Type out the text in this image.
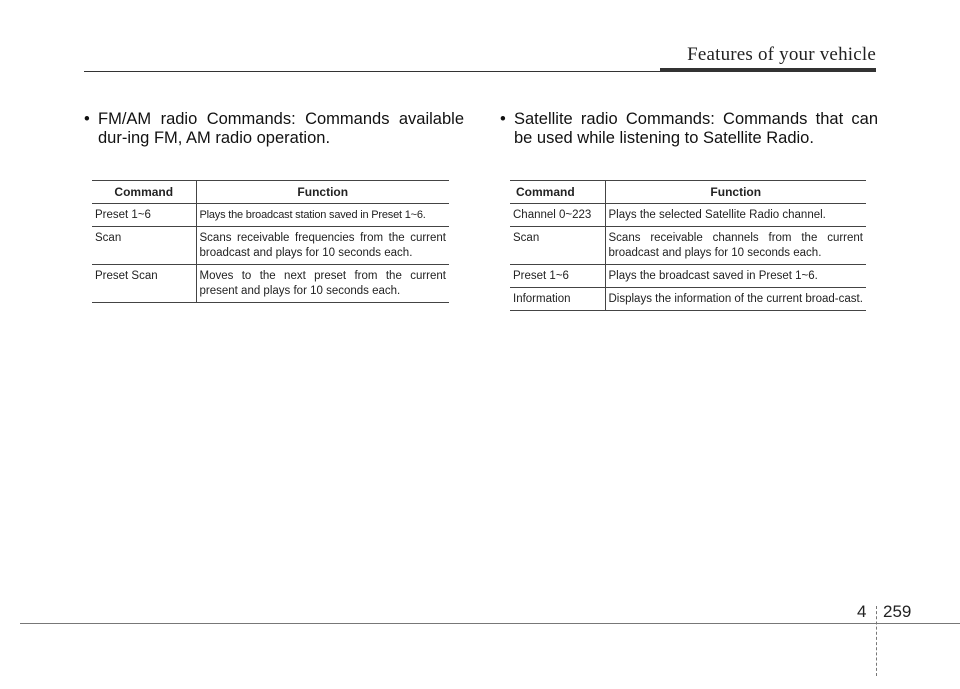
Features of your vehicle

• FM/AM radio Commands: Commands available dur-ing FM, AM radio operation.

Command	Function
Preset 1~6	Plays the broadcast station saved in Preset 1~6.
Scan	Scans receivable frequencies from the current broadcast and plays for 10 seconds each.
Preset Scan	Moves to the next preset from the current present and plays for 10 seconds each.

• Satellite radio Commands: Commands that can be used while listening to Satellite Radio.

Command	Function
Channel 0~223	Plays the selected Satellite Radio channel.
Scan	Scans receivable channels from the current broadcast and plays for 10 seconds each.
Preset 1~6	Plays the broadcast saved in Preset 1~6.
Information	Displays the information of the current broad-cast.
4 259
